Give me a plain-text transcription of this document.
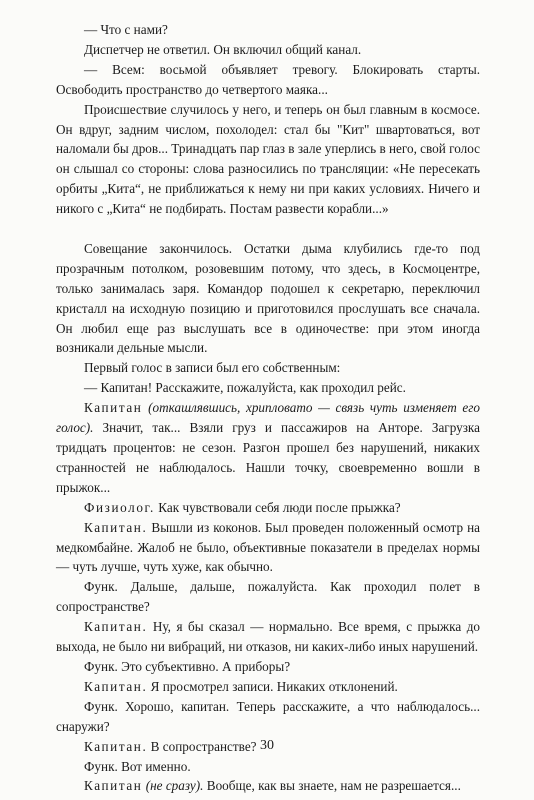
— Что с нами?

Диспетчер не ответил. Он включил общий канал.

— Всем: восьмой объявляет тревогу. Блокировать старты. Освободить пространство до четвертого маяка...

Происшествие случилось у него, и теперь он был главным в космосе. Он вдруг, задним числом, похолодел: стал бы "Кит" швартоваться, вот наломали бы дров... Тринадцать пар глаз в зале уперлись в него, свой голос он слышал со стороны: слова разносились по трансляции: «Не пересекать орбиты „Кита“, не приближаться к нему ни при каких условиях. Ничего и никого с „Кита“ не подбирать. Постам развести корабли...»

Совещание закончилось. Остатки дыма клубились где-то под прозрачным потолком, розовевшим потому, что здесь, в Космоцентре, только занималась заря. Командор подошел к секретарю, переключил кристалл на исходную позицию и приготовился прослушать все сначала. Он любил еще раз выслушать все в одиночестве: при этом иногда возникали дельные мысли.

Первый голос в записи был его собственным:

— Капитан! Расскажите, пожалуйста, как проходил рейс.

Капитан (откашлявшись, хрипловато — связь чуть изменяет его голос). Значит, так... Взяли груз и пассажиров на Анторе. Загрузка тридцать процентов: не сезон. Разгон прошел без нарушений, никаких странностей не наблюдалось. Нашли точку, своевременно вошли в прыжок...

Физиолог. Как чувствовали себя люди после прыжка?

Капитан. Вышли из коконов. Был проведен положенный осмотр на медкомбайне. Жалоб не было, объективные показатели в пределах нормы — чуть лучше, чуть хуже, как обычно.

Функ. Дальше, дальше, пожалуйста. Как проходил полет в сопространстве?

Капитан. Ну, я бы сказал — нормально. Все время, с прыжка до выхода, не было ни вибраций, ни отказов, ни каких-либо иных нарушений.

Функ. Это субъективно. А приборы?

Капитан. Я просмотрел записи. Никаких отклонений.

Функ. Хорошо, капитан. Теперь расскажите, а что наблюдалось... снаружи?

Капитан. В сопространстве?

Функ. Вот именно.

Капитан (не сразу). Вообще, как вы знаете, нам не разрешается...

30
